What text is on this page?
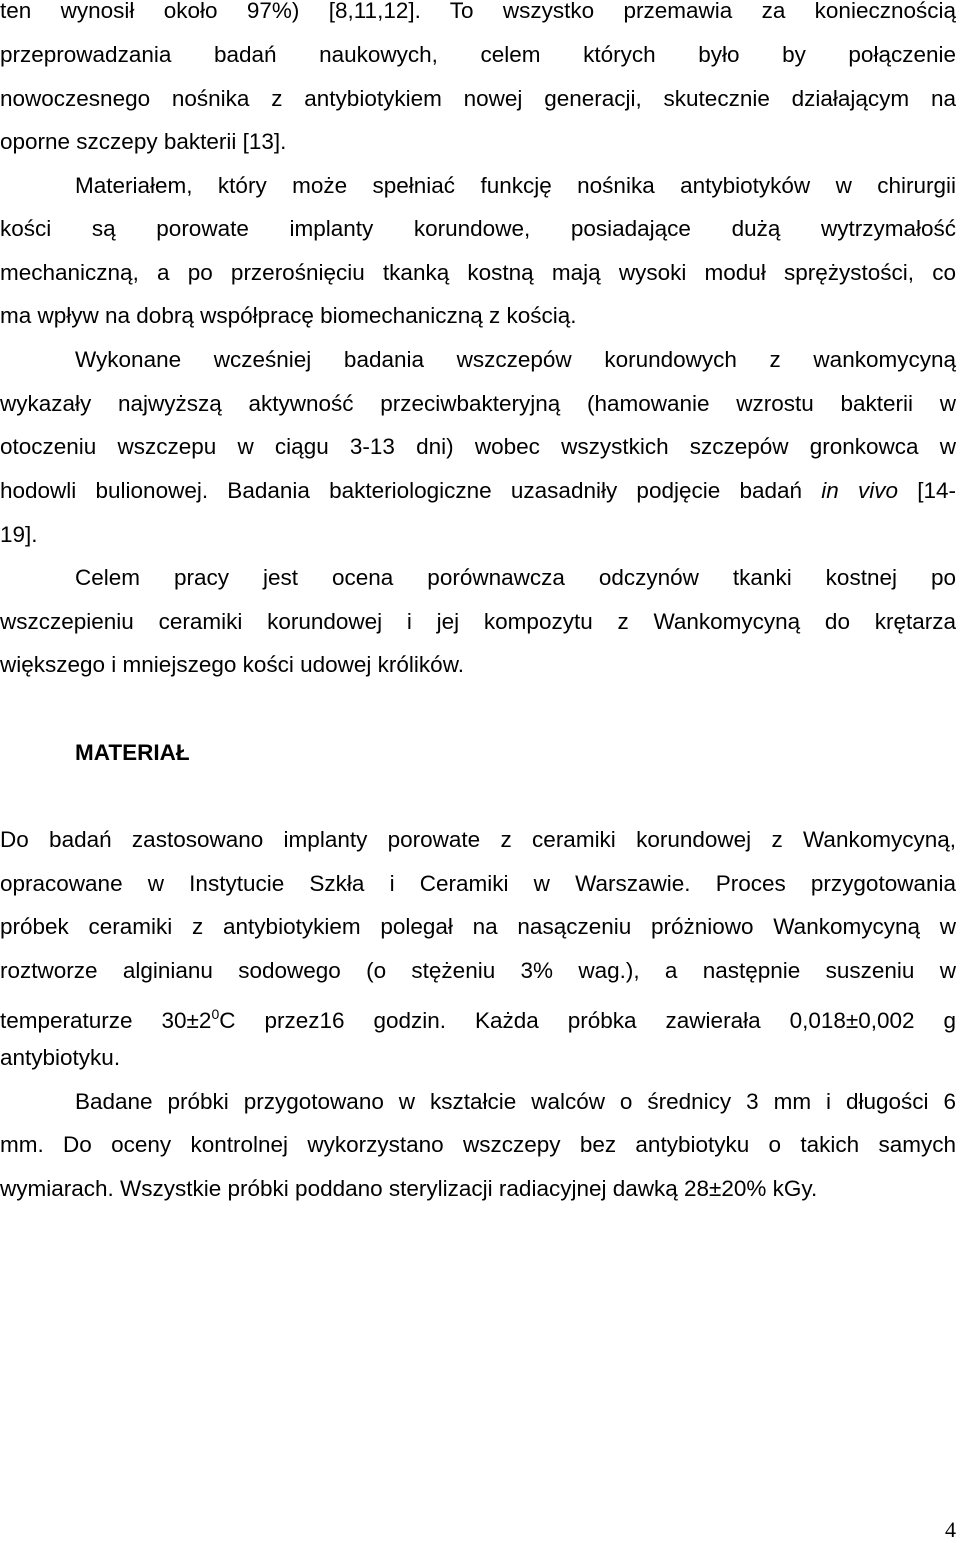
ten wynosił około 97%) [8,11,12]. To wszystko przemawia za koniecznością
przeprowadzania badań naukowych, celem których było by połączenie
nowoczesnego nośnika z antybiotykiem nowej generacji, skutecznie działającym na
oporne szczepy bakterii [13].
Materiałem, który może spełniać funkcję nośnika antybiotyków w chirurgii
kości są porowate implanty korundowe, posiadające dużą wytrzymałość
mechaniczną, a po przerośnięciu tkanką kostną mają wysoki moduł sprężystości, co
ma wpływ na dobrą współpracę biomechaniczną z kością.
Wykonane wcześniej badania wszczepów korundowych z wankomycyną
wykazały najwyższą aktywność przeciwbakteryjną (hamowanie wzrostu bakterii w
otoczeniu wszczepu w ciągu 3-13 dni) wobec wszystkich szczepów gronkowca w
hodowli bulionowej. Badania bakteriologiczne uzasadniły podjęcie badań in vivo [14-
19].
Celem pracy jest ocena porównawcza odczynów tkanki kostnej po
wszczepieniu ceramiki korundowej i jej kompozytu z Wankomycyną do krętarza
większego i mniejszego kości udowej królików.
MATERIAŁ
Do badań zastosowano implanty porowate z ceramiki korundowej z Wankomycyną,
opracowane w Instytucie Szkła i Ceramiki w Warszawie. Proces przygotowania
próbek ceramiki z antybiotykiem polegał na nasączeniu próżniowo Wankomycyną w
roztworze alginianu sodowego (o stężeniu 3% wag.), a następnie suszeniu w
temperaturze $30\pm 2^0C$ przez16 godzin. Każda próbka zawierała 0,018±0,002 g
antybiotyku.
Badane próbki przygotowano w kształcie walców o średnicy 3 mm i długości 6
mm. Do oceny kontrolnej wykorzystano wszczepy bez antybiotyku o takich samych
wymiarach. Wszystkie próbki poddano sterylizacji radiacyjnej dawką 28±20% kGy.
4
